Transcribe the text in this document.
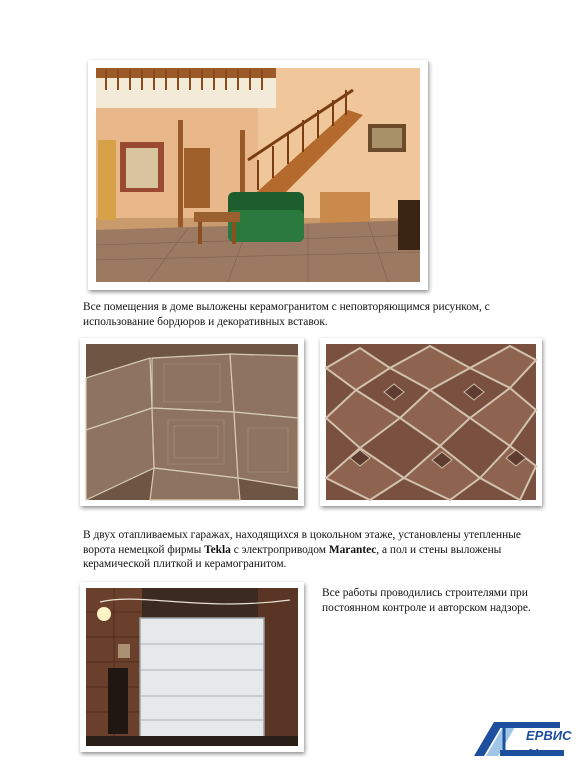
Все помещения в доме выложены керамогранитом с неповторяющимся рисунком, с
использование бордюров и декоративных вставок.

В двух отапливаемых гаражах, находящихся в цокольном этаже, установлены утепленные
ворота немецкой фирмы Tekla с электроприводом Marantec, а пол и стены выложены
керамической плиткой и керамогранитом.

Все работы проводились строителями при
постоянном контроле и авторском надзоре.

ЕРВИС
04
